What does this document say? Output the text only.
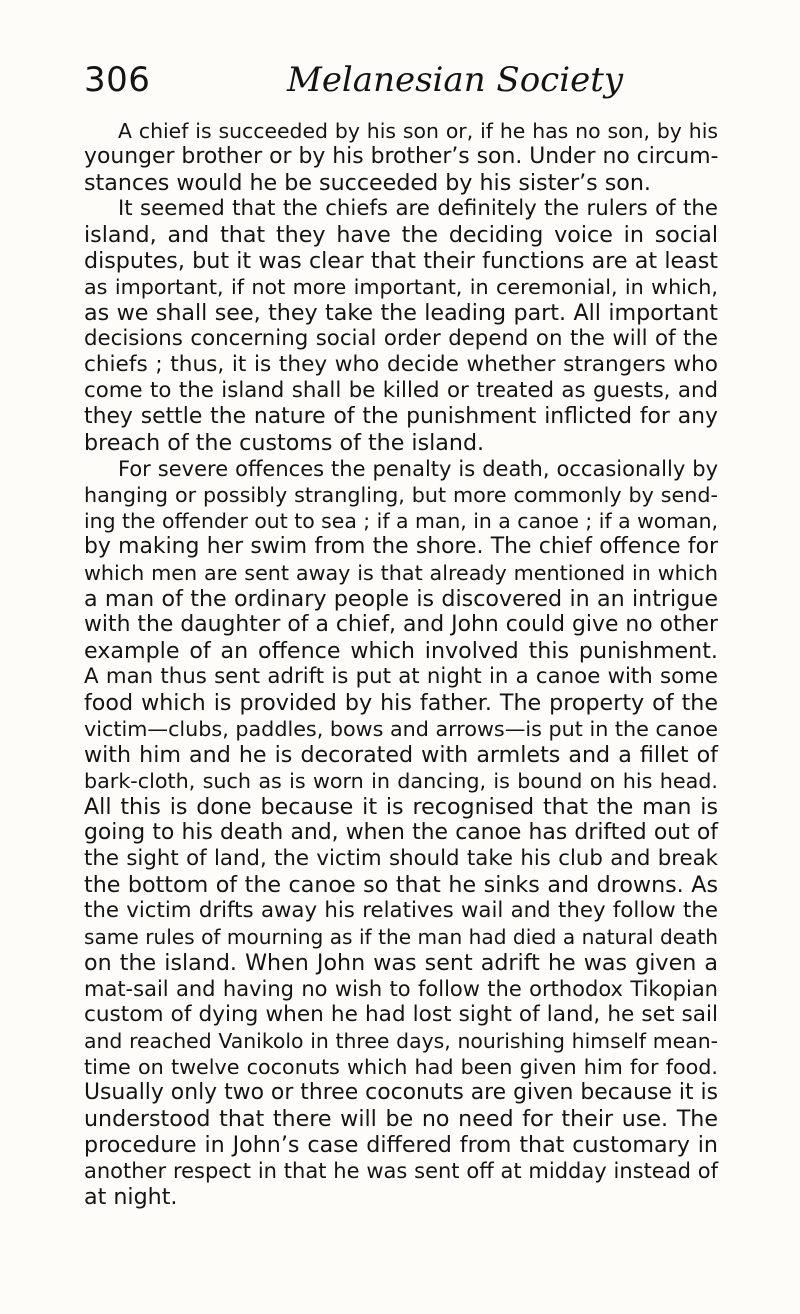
306	Melanesian Society
A chief is succeeded by his son or, if he has no son, by his
younger brother or by his brother’s son. Under no circum-
stances would he be succeeded by his sister’s son.
It seemed that the chiefs are definitely the rulers of the
island, and that they have the deciding voice in social
disputes, but it was clear that their functions are at least
as important, if not more important, in ceremonial, in which,
as we shall see, they take the leading part. All important
decisions concerning social order depend on the will of the
chiefs ; thus, it is they who decide whether strangers who
come to the island shall be killed or treated as guests, and
they settle the nature of the punishment inflicted for any
breach of the customs of the island.
For severe offences the penalty is death, occasionally by
hanging or possibly strangling, but more commonly by send-
ing the offender out to sea ; if a man, in a canoe ; if a woman,
by making her swim from the shore. The chief offence for
which men are sent away is that already mentioned in which
a man of the ordinary people is discovered in an intrigue
with the daughter of a chief, and John could give no other
example of an offence which involved this punishment.
A man thus sent adrift is put at night in a canoe with some
food which is provided by his father. The property of the
victim—clubs, paddles, bows and arrows—is put in the canoe
with him and he is decorated with armlets and a fillet of
bark-cloth, such as is worn in dancing, is bound on his head.
All this is done because it is recognised that the man is
going to his death and, when the canoe has drifted out of
the sight of land, the victim should take his club and break
the bottom of the canoe so that he sinks and drowns. As
the victim drifts away his relatives wail and they follow the
same rules of mourning as if the man had died a natural death
on the island. When John was sent adrift he was given a
mat-sail and having no wish to follow the orthodox Tikopian
custom of dying when he had lost sight of land, he set sail
and reached Vanikolo in three days, nourishing himself mean-
time on twelve coconuts which had been given him for food.
Usually only two or three coconuts are given because it is
understood that there will be no need for their use. The
procedure in John’s case differed from that customary in
another respect in that he was sent off at midday instead of
at night.
